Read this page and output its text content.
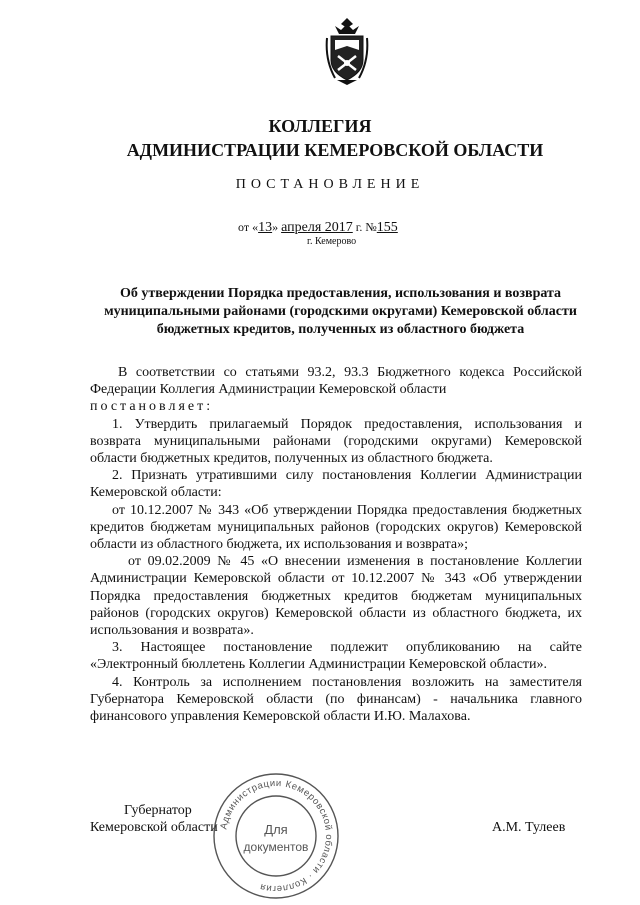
КОЛЛЕГИЯ
АДМИНИСТРАЦИИ КЕМЕРОВСКОЙ ОБЛАСТИ
ПОСТАНОВЛЕНИЕ
от «13» апреля 2017 г. №155
г. Кемерово
Об утверждении Порядка предоставления, использования и возврата муниципальными районами (городскими округами) Кемеровской области бюджетных кредитов, полученных из областного бюджета

В соответствии со статьями 93.2, 93.3 Бюджетного кодекса Российской Федерации Коллегия Администрации Кемеровской области

постановляет:

1. Утвердить прилагаемый Порядок предоставления, использования и возврата муниципальными районами (городскими округами) Кемеровской области бюджетных кредитов, полученных из областного бюджета.

2. Признать утратившими силу постановления Коллегии Администрации Кемеровской области:

от 10.12.2007 № 343 «Об утверждении Порядка предоставления бюджетных кредитов бюджетам муниципальных районов (городских округов) Кемеровской области из областного бюджета, их использования и возврата»;

от 09.02.2009 № 45 «О внесении изменения в постановление Коллегии Администрации Кемеровской области от 10.12.2007 № 343 «Об утверждении Порядка предоставления бюджетных кредитов бюджетам муниципальных районов (городских округов) Кемеровской области из областного бюджета, их использования и возврата».

3. Настоящее постановление подлежит опубликованию на сайте «Электронный бюллетень Коллегии Администрации Кемеровской области».

4. Контроль за исполнением постановления возложить на заместителя Губернатора Кемеровской области (по финансам) - начальника главного финансового управления Кемеровской области И.Ю. Малахова.

Губернатор
Кемеровской области	А.М. Тулеев
Администрации Кемеровской области · Коллегия
Для
документов
